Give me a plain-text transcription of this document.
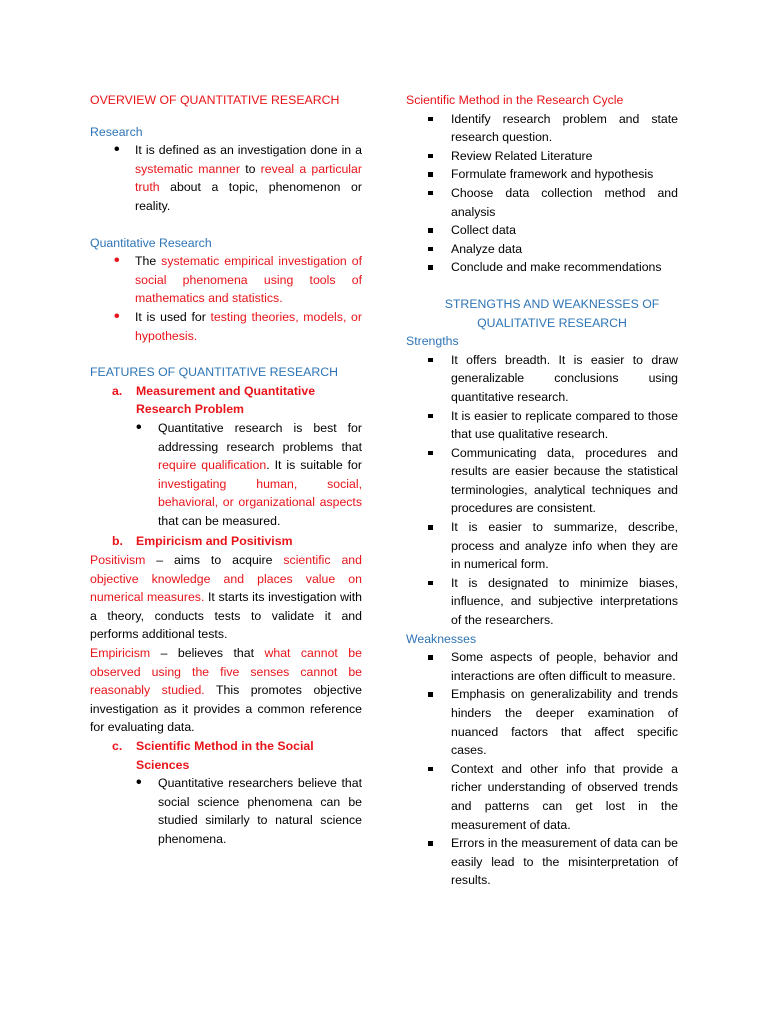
OVERVIEW OF QUANTITATIVE RESEARCH

Research

• It is defined as an investigation done in a systematic manner to reveal a particular truth about a topic, phenomenon or reality.

Quantitative Research

• The systematic empirical investigation of social phenomena using tools of mathematics and statistics.
• It is used for testing theories, models, or hypothesis.

FEATURES OF QUANTITATIVE RESEARCH

a. Measurement and Quantitative Research Problem
• Quantitative research is best for addressing research problems that require qualification. It is suitable for investigating human, social, behavioral, or organizational aspects that can be measured.
b. Empiricism and Positivism

Positivism – aims to acquire scientific and objective knowledge and places value on numerical measures. It starts its investigation with a theory, conducts tests to validate it and performs additional tests.

Empiricism – believes that what cannot be observed using the five senses cannot be reasonably studied. This promotes objective investigation as it provides a common reference for evaluating data.

c. Scientific Method in the Social Sciences
• Quantitative researchers believe that social science phenomena can be studied similarly to natural science phenomena.

Scientific Method in the Research Cycle

Identify research problem and state research question.
Review Related Literature
Formulate framework and hypothesis
Choose data collection method and analysis
Collect data
Analyze data
Conclude and make recommendations

STRENGTHS AND WEAKNESSES OF

QUALITATIVE RESEARCH

Strengths

It offers breadth. It is easier to draw generalizable conclusions using quantitative research.
It is easier to replicate compared to those that use qualitative research.
Communicating data, procedures and results are easier because the statistical terminologies, analytical techniques and procedures are consistent.
It is easier to summarize, describe, process and analyze info when they are in numerical form.
It is designated to minimize biases, influence, and subjective interpretations of the researchers.

Weaknesses

Some aspects of people, behavior and interactions are often difficult to measure.
Emphasis on generalizability and trends hinders the deeper examination of nuanced factors that affect specific cases.
Context and other info that provide a richer understanding of observed trends and patterns can get lost in the measurement of data.
Errors in the measurement of data can be easily lead to the misinterpretation of results.
